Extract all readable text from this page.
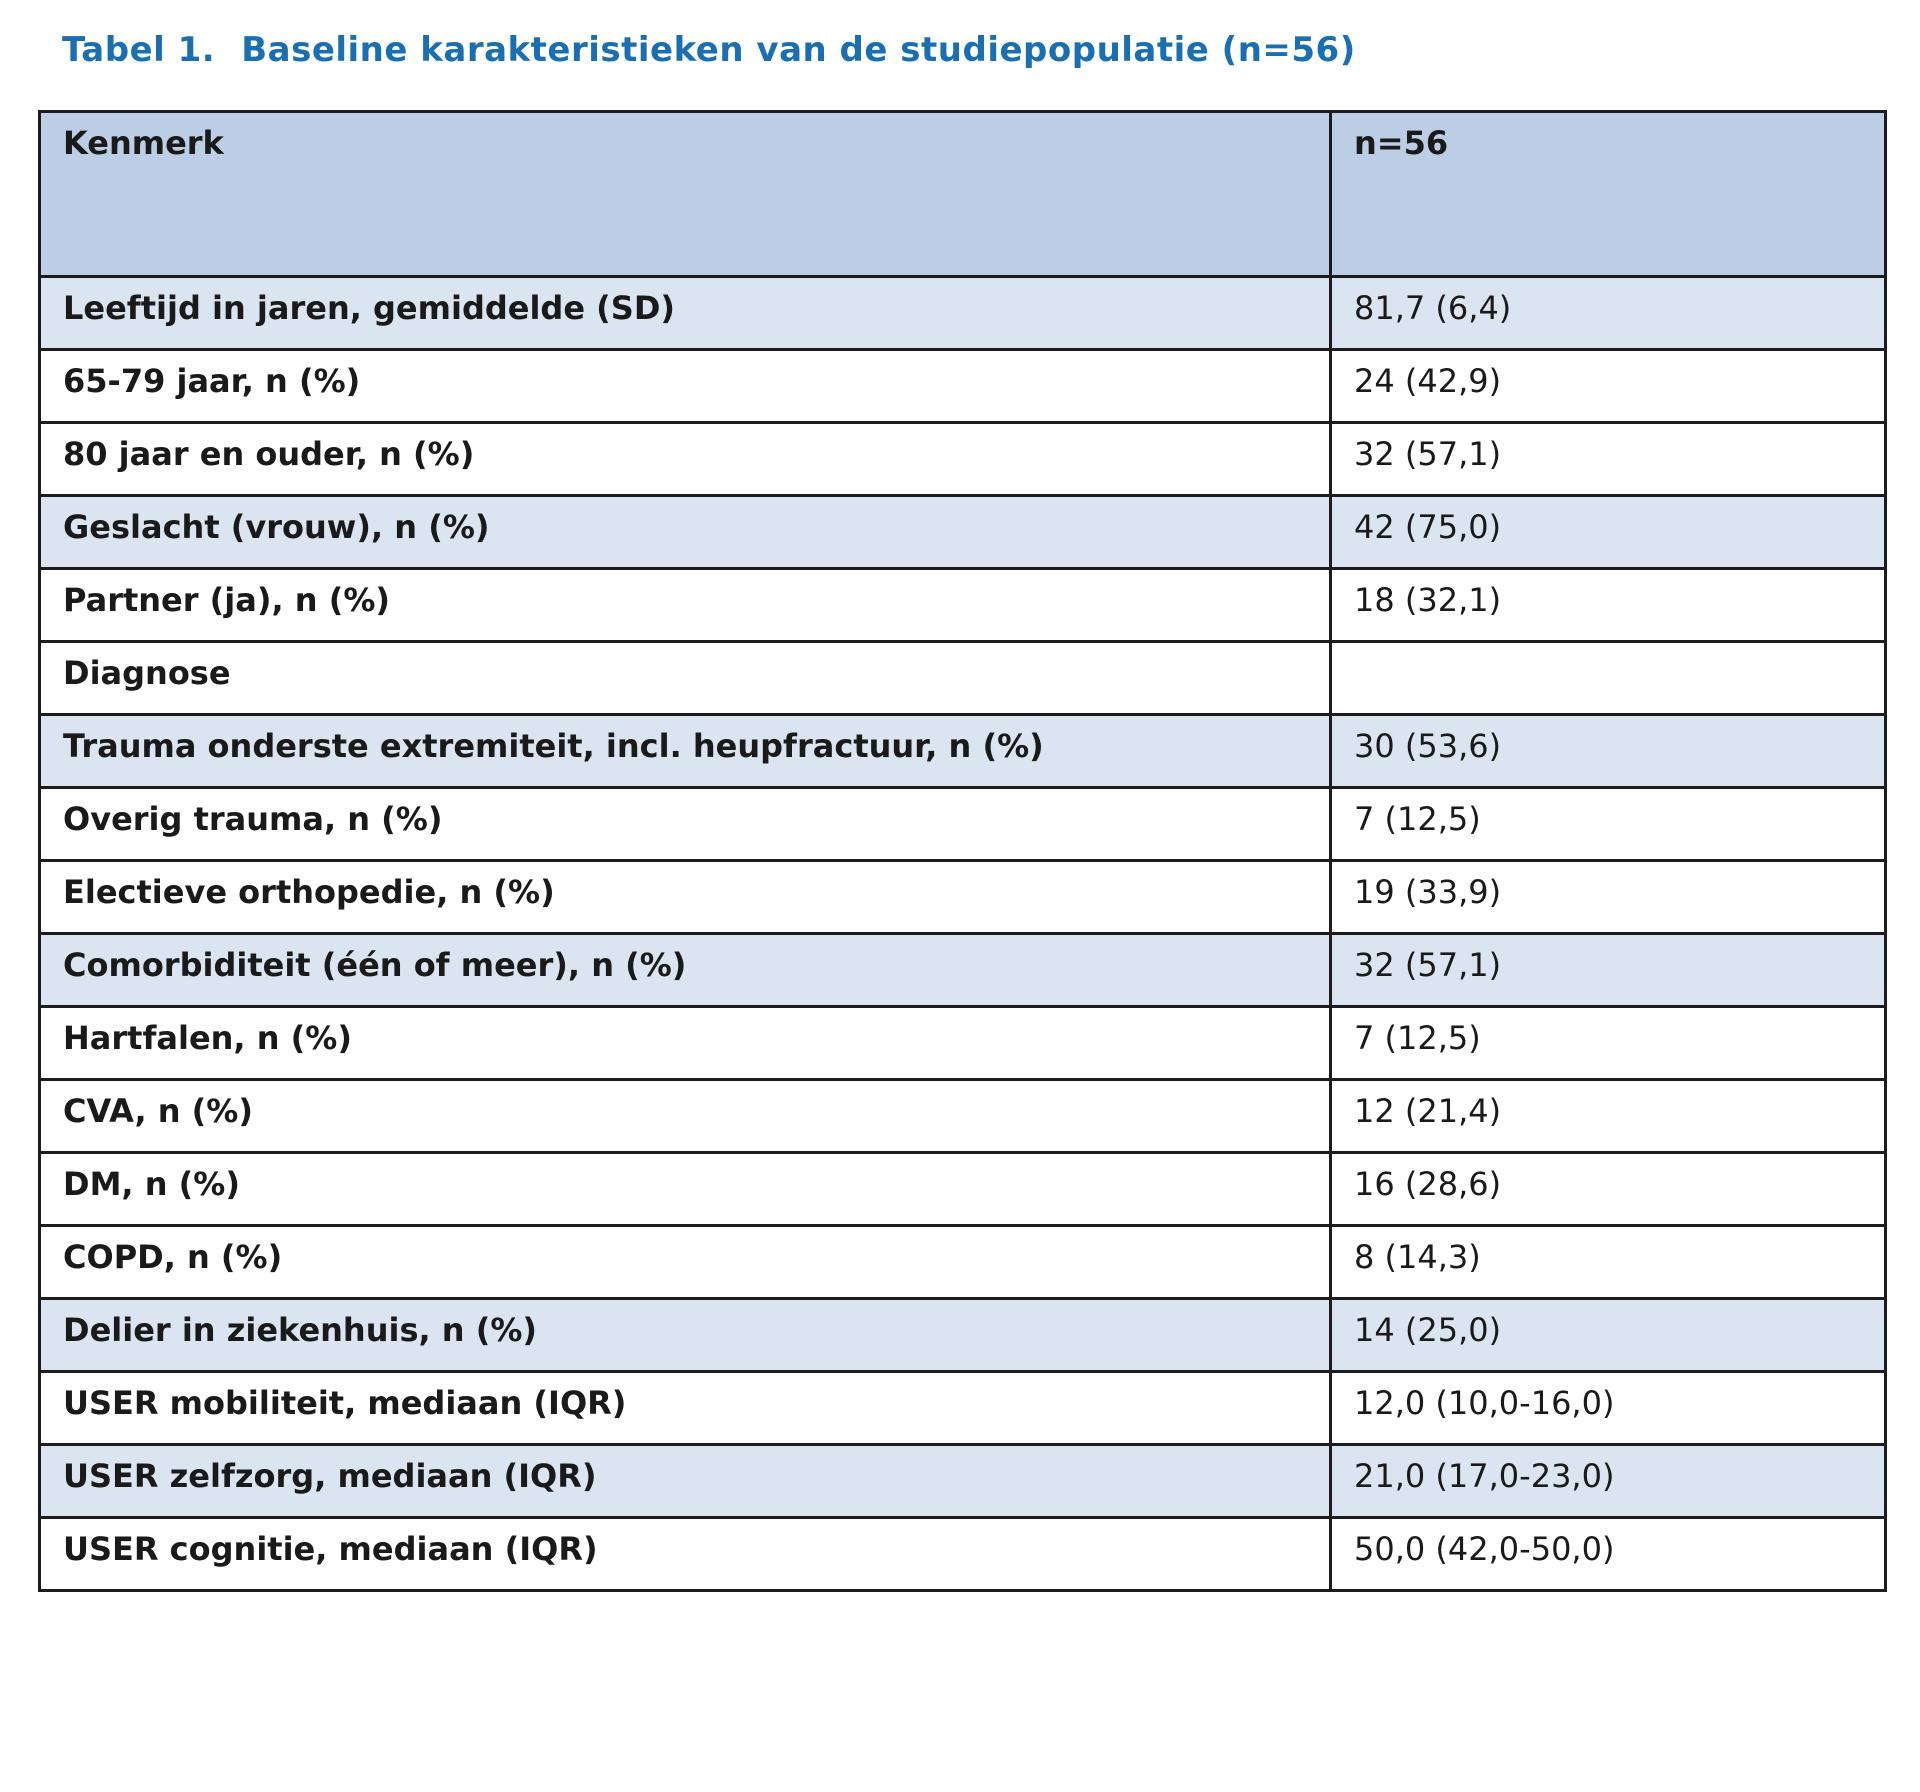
Tabel 1. Baseline karakteristieken van de studiepopulatie (n=56)
Kenmerk	n=56
Leeftijd in jaren, gemiddelde (SD)	81,7 (6,4)
65-79 jaar, n (%)	24 (42,9)
80 jaar en ouder, n (%)	32 (57,1)
Geslacht (vrouw), n (%)	42 (75,0)
Partner (ja), n (%)	18 (32,1)
Diagnose	
Trauma onderste extremiteit, incl. heupfractuur, n (%)	30 (53,6)
Overig trauma, n (%)	7 (12,5)
Electieve orthopedie, n (%)	19 (33,9)
Comorbiditeit (één of meer), n (%)	32 (57,1)
Hartfalen, n (%)	7 (12,5)
CVA, n (%)	12 (21,4)
DM, n (%)	16 (28,6)
COPD, n (%)	8 (14,3)
Delier in ziekenhuis, n (%)	14 (25,0)
USER mobiliteit, mediaan (IQR)	12,0 (10,0-16,0)
USER zelfzorg, mediaan (IQR)	21,0 (17,0-23,0)
USER cognitie, mediaan (IQR)	50,0 (42,0-50,0)
